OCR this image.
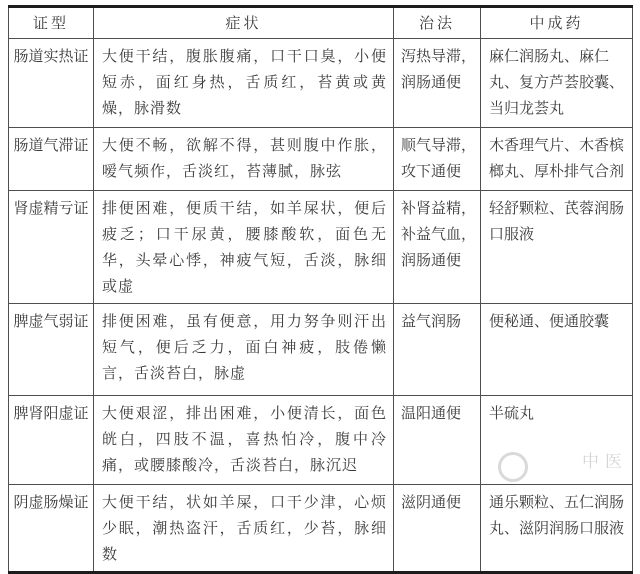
证型	症状	治法	中成药
肠道实热证	大便干结，腹胀腹痛，口干口臭，小便短赤，面红身热，舌质红，苔黄或黄燥，脉滑数	泻热导滞，润肠通便	麻仁润肠丸、麻仁丸、复方芦荟胶囊、当归龙荟丸
肠道气滞证	大便不畅，欲解不得，甚则腹中作胀，嗳气频作，舌淡红，苔薄腻，脉弦	顺气导滞，攻下通便	木香理气片、木香槟榔丸、厚朴排气合剂
肾虚精亏证	排便困难，便质干结，如羊屎状，便后疲乏；口干尿黄，腰膝酸软，面色无华，头晕心悸，神疲气短，舌淡，脉细或虚	补肾益精，补益气血，润肠通便	轻舒颗粒、芪蓉润肠口服液
脾虚气弱证	排便困难，虽有便意，用力努争则汗出短气，便后乏力，面白神疲，肢倦懒言，舌淡苔白，脉虚	益气润肠	便秘通、便通胶囊
脾肾阳虚证	大便艰涩，排出困难，小便清长，面色㿠白，四肢不温，喜热怕冷，腹中冷痛，或腰膝酸冷，舌淡苔白，脉沉迟	温阳通便	半硫丸
阴虚肠燥证	大便干结，状如羊屎，口干少津，心烦少眠，潮热盗汗，舌质红，少苔，脉细数	滋阴通便	通乐颗粒、五仁润肠丸、滋阴润肠口服液
中医
